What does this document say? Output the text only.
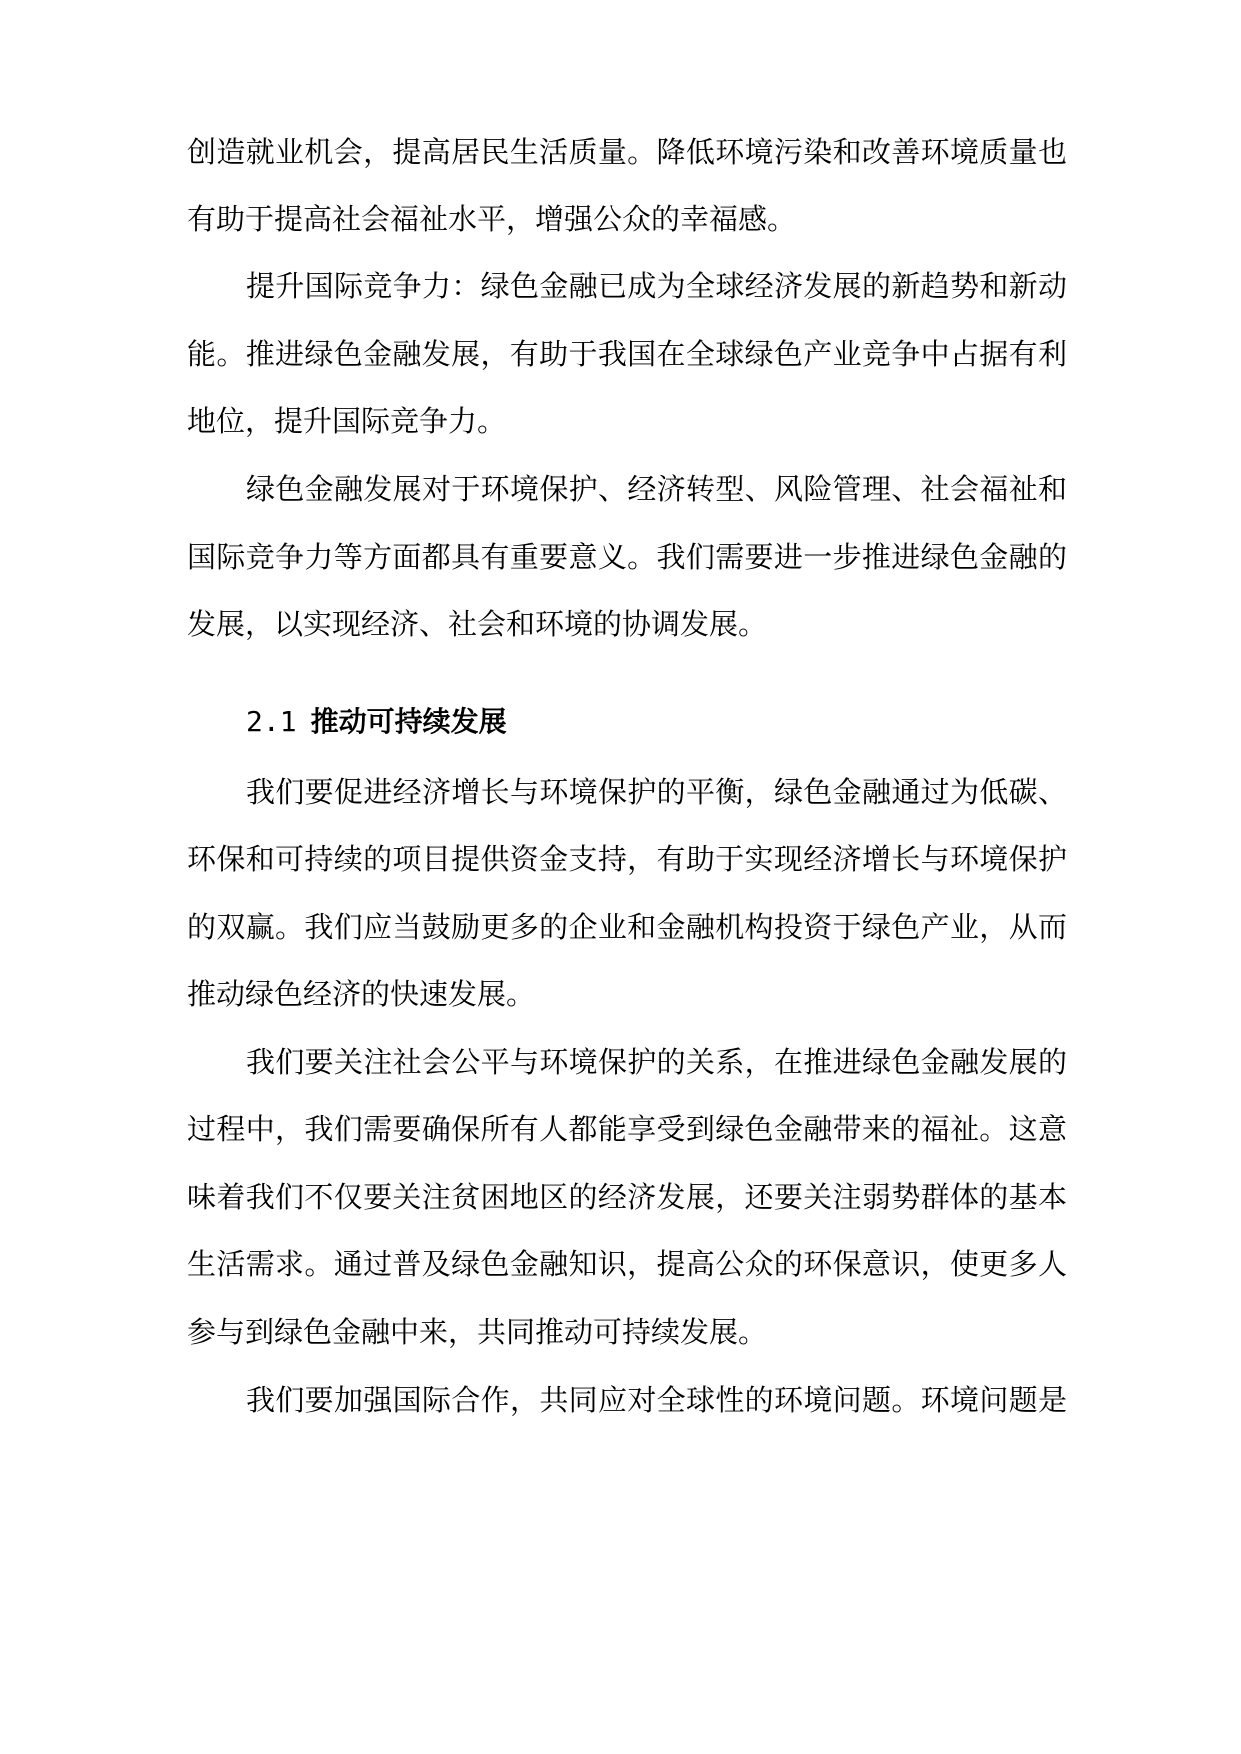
创造就业机会，提高居民生活质量。降低环境污染和改善环境质量也
有助于提高社会福祉水平，增强公众的幸福感。
提升国际竞争力：绿色金融已成为全球经济发展的新趋势和新动
能。推进绿色金融发展，有助于我国在全球绿色产业竞争中占据有利
地位，提升国际竞争力。
绿色金融发展对于环境保护、经济转型、风险管理、社会福祉和
国际竞争力等方面都具有重要意义。我们需要进一步推进绿色金融的
发展，以实现经济、社会和环境的协调发展。
2.1 推动可持续发展
我们要促进经济增长与环境保护的平衡，绿色金融通过为低碳、
环保和可持续的项目提供资金支持，有助于实现经济增长与环境保护
的双赢。我们应当鼓励更多的企业和金融机构投资于绿色产业，从而
推动绿色经济的快速发展。
我们要关注社会公平与环境保护的关系，在推进绿色金融发展的
过程中，我们需要确保所有人都能享受到绿色金融带来的福祉。这意
味着我们不仅要关注贫困地区的经济发展，还要关注弱势群体的基本
生活需求。通过普及绿色金融知识，提高公众的环保意识，使更多人
参与到绿色金融中来，共同推动可持续发展。
我们要加强国际合作，共同应对全球性的环境问题。环境问题是
